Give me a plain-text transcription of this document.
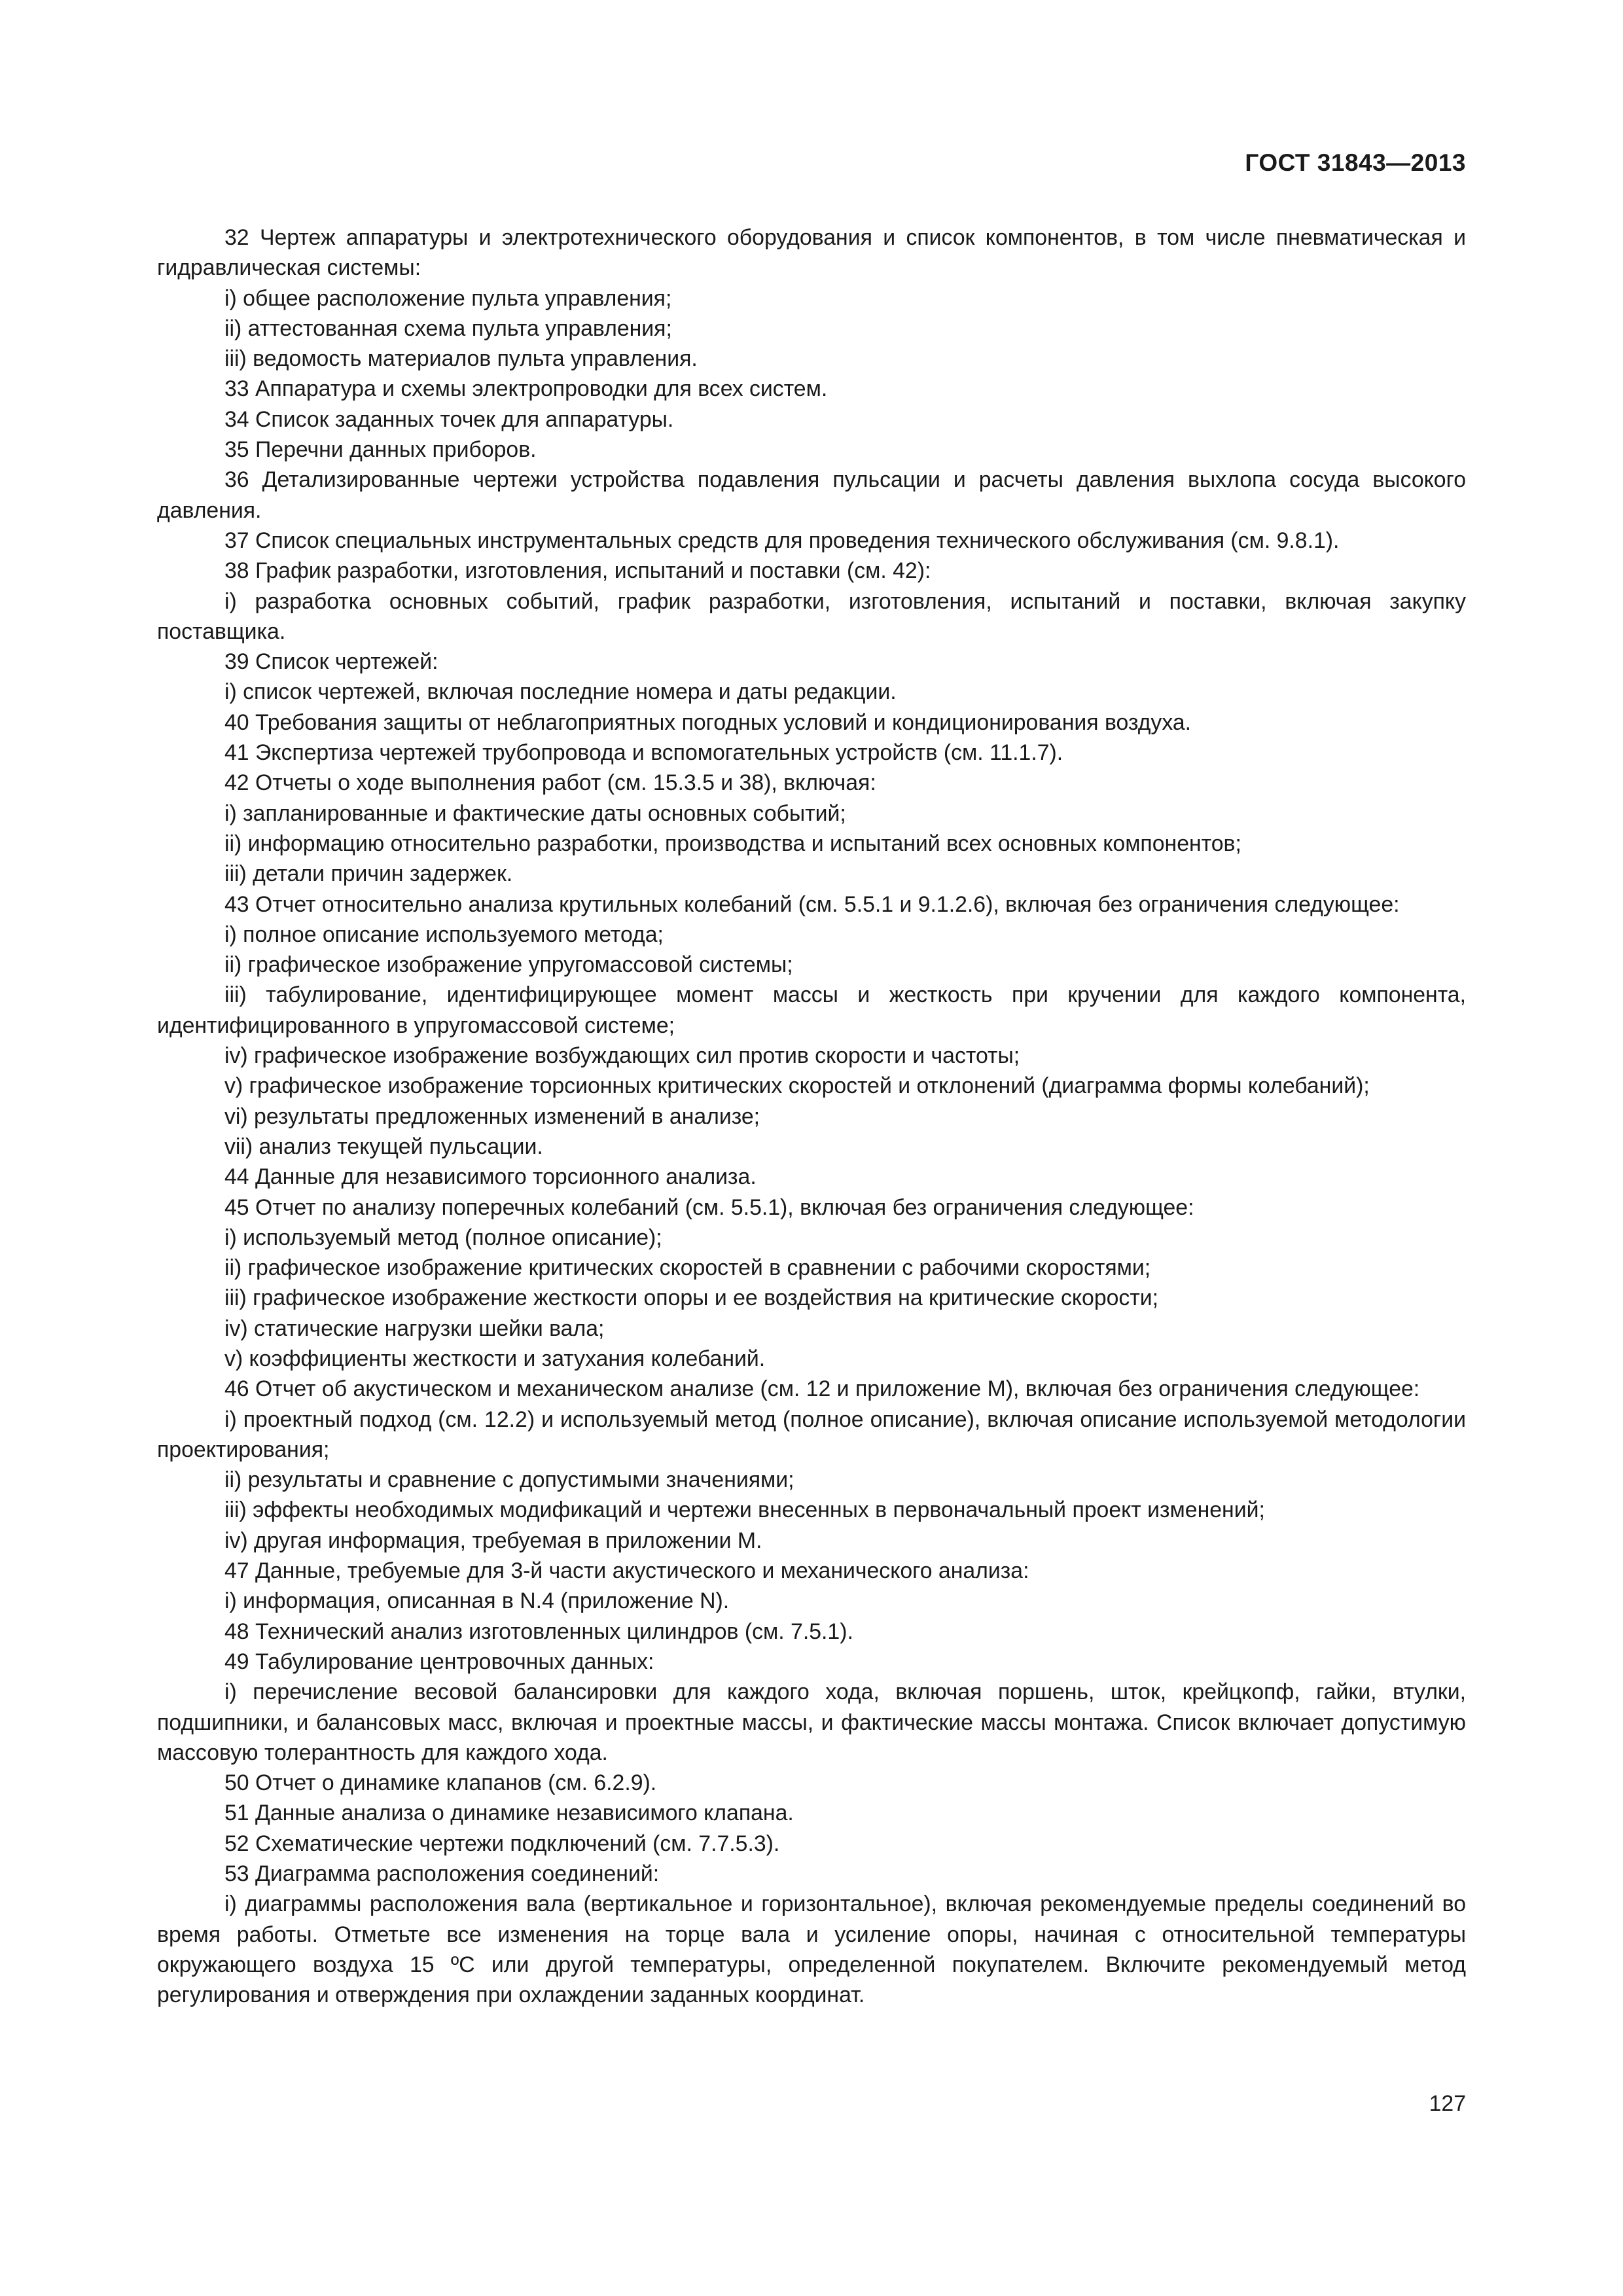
ГОСТ 31843—2013

32 Чертеж аппаратуры и электротехнического оборудования и список компонентов, в том числе пневматическая и гидравлическая системы:

i) общее расположение пульта управления;

ii) аттестованная схема пульта управления;

iii) ведомость материалов пульта управления.

33 Аппаратура и схемы электропроводки для всех систем.

34 Список заданных точек для аппаратуры.

35 Перечни данных приборов.

36 Детализированные чертежи устройства подавления пульсации и расчеты давления выхлопа сосуда высокого давления.

37 Список специальных инструментальных средств для проведения технического обслуживания (см. 9.8.1).

38 График разработки, изготовления, испытаний и поставки (см. 42):

i) разработка основных событий, график разработки, изготовления, испытаний и поставки, включая закупку поставщика.

39 Список чертежей:

i) список чертежей, включая последние номера и даты редакции.

40 Требования защиты от неблагоприятных погодных условий и кондиционирования воздуха.

41 Экспертиза чертежей трубопровода и вспомогательных устройств (см. 11.1.7).

42 Отчеты о ходе выполнения работ (см. 15.3.5 и 38), включая:

i) запланированные и фактические даты основных событий;

ii) информацию относительно разработки, производства и испытаний всех основных компонентов;

iii) детали причин задержек.

43 Отчет относительно анализа крутильных колебаний (см. 5.5.1 и 9.1.2.6), включая без ограничения следующее:

i) полное описание используемого метода;

ii) графическое изображение упругомассовой системы;

iii) табулирование, идентифицирующее момент массы и жесткость при кручении для каждого компонента, идентифицированного в упругомассовой системе;

iv) графическое изображение возбуждающих сил против скорости и частоты;

v) графическое изображение торсионных критических скоростей и отклонений (диаграмма формы колебаний);

vi) результаты предложенных изменений в анализе;

vii) анализ текущей пульсации.

44 Данные для независимого торсионного анализа.

45 Отчет по анализу поперечных колебаний (см. 5.5.1), включая без ограничения следующее:

i) используемый метод (полное описание);

ii) графическое изображение критических скоростей в сравнении с рабочими скоростями;

iii) графическое изображение жесткости опоры и ее воздействия на критические скорости;

iv) статические нагрузки шейки вала;

v) коэффициенты жесткости и затухания колебаний.

46 Отчет об акустическом и механическом анализе (см. 12 и приложение М), включая без ограничения следующее:

i) проектный подход (см. 12.2) и используемый метод (полное описание), включая описание используемой методологии проектирования;

ii) результаты и сравнение с допустимыми значениями;

iii) эффекты необходимых модификаций и чертежи внесенных в первоначальный проект изменений;

iv) другая информация, требуемая в приложении М.

47 Данные, требуемые для 3-й части акустического и механического анализа:

i) информация, описанная в N.4 (приложение N).

48 Технический анализ изготовленных цилиндров (см. 7.5.1).

49 Табулирование центровочных данных:

i) перечисление весовой балансировки для каждого хода, включая поршень, шток, крейцкопф, гайки, втулки, подшипники, и балансовых масс, включая и проектные массы, и фактические массы монтажа. Список включает допустимую массовую толерантность для каждого хода.

50 Отчет о динамике клапанов (см. 6.2.9).

51 Данные анализа о динамике независимого клапана.

52 Схематические чертежи подключений (см. 7.7.5.3).

53 Диаграмма расположения соединений:

i) диаграммы расположения вала (вертикальное и горизонтальное), включая рекомендуемые пределы соединений во время работы. Отметьте все изменения на торце вала и усиление опоры, начиная с относительной температуры окружающего воздуха 15 ºС или другой температуры, определенной покупателем. Включите рекомендуемый метод регулирования и отверждения при охлаждении заданных координат.

127
